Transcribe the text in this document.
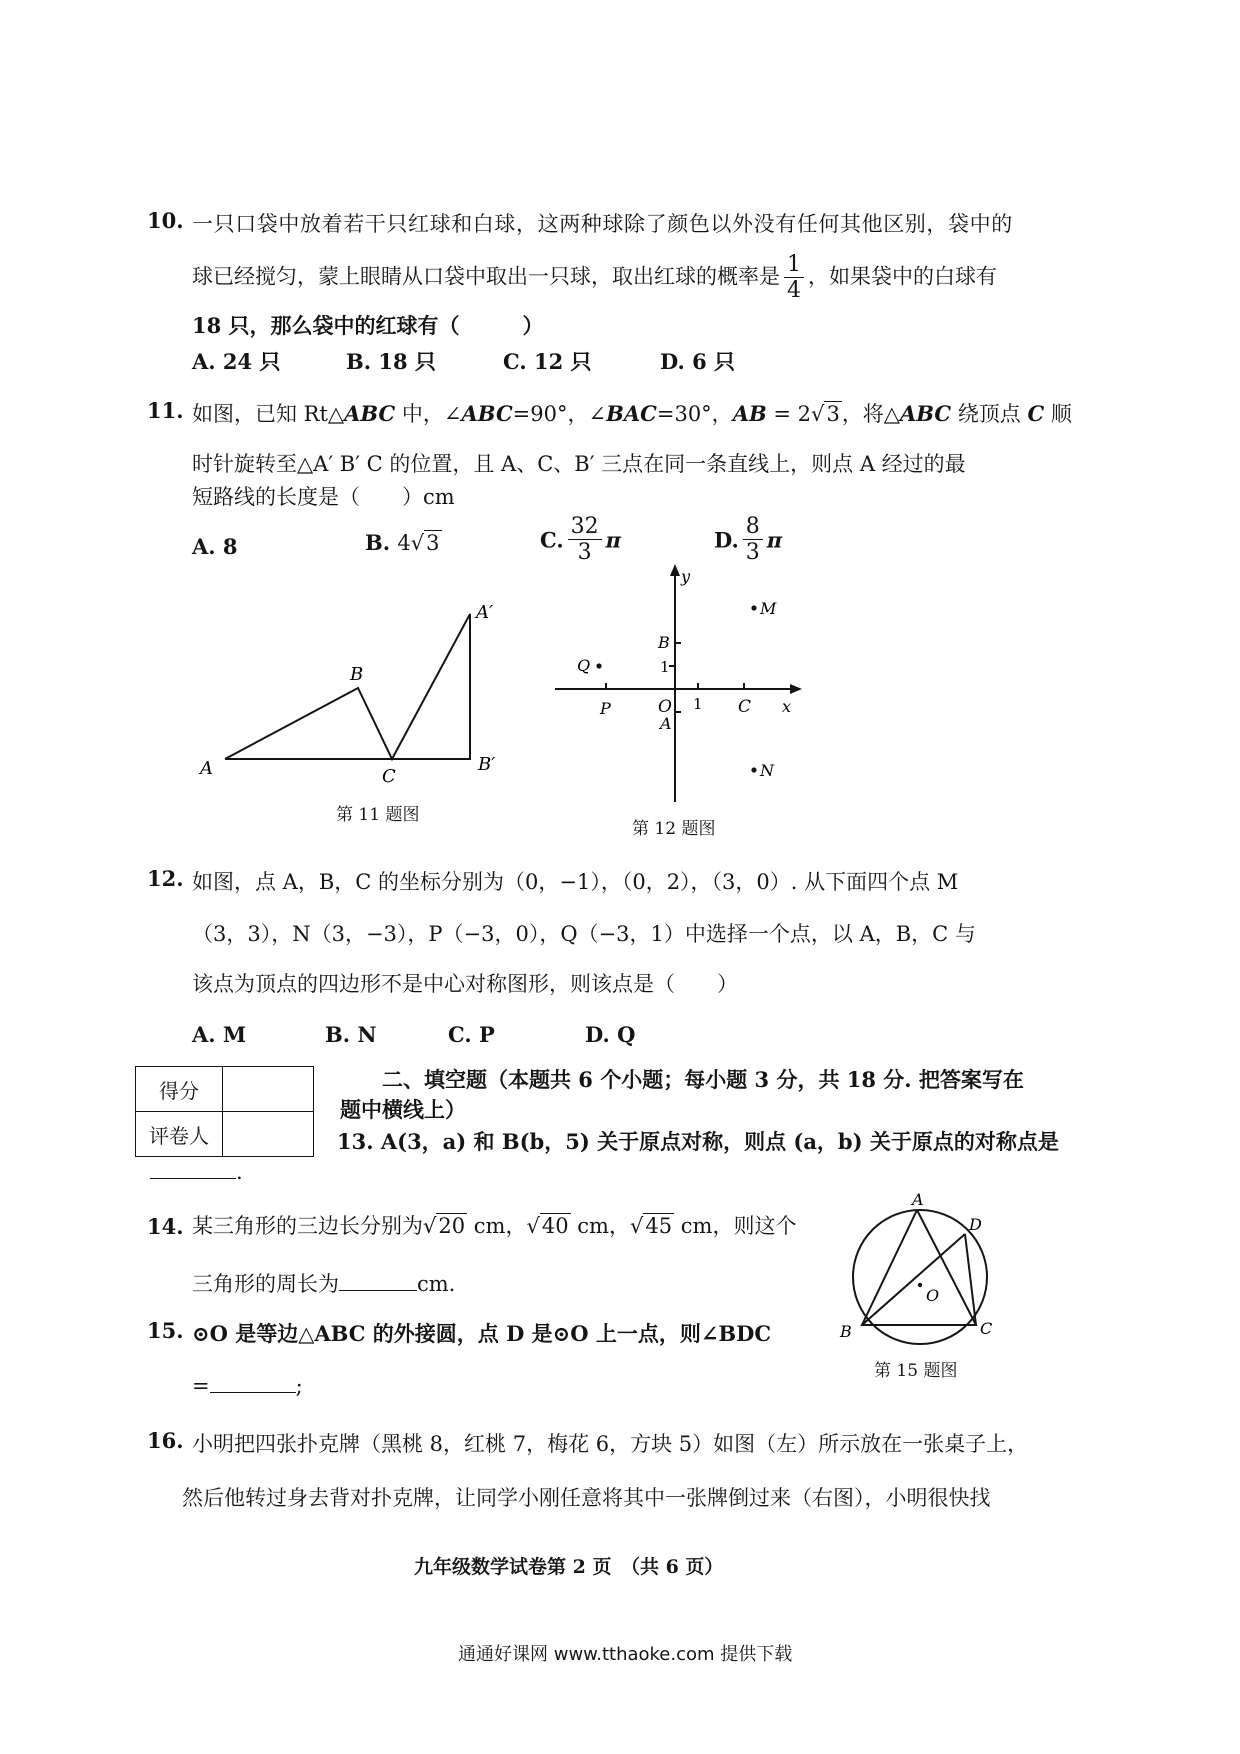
10. 一只口袋中放着若干只红球和白球，这两种球除了颜色以外没有任何其他区别，袋中的
球已经搅匀，蒙上眼睛从口袋中取出一只球，取出红球的概率是 $\frac{1}{4}$ ，如果袋中的白球有
18 只，那么袋中的红球有（　　　）
A. 24 只	B. 18 只	C. 12 只	D. 6 只
11. 如图，已知 Rt△ABC 中，∠ABC=90°，∠BAC=30°，AB = 2√3，将△ABC 绕顶点 C 顺
时针旋转至△A′ B′ C 的位置，且 A、C、B′ 三点在同一条直线上，则点 A 经过的最
短路线的长度是（　　）cm
A. 8	B. 4√3	C. $\frac{32}{3}$ π	D. $\frac{8}{3}$ π
A
B
C
A′
B′
第 11 题图
y
x
O 1
1
B
A
C
P
Q
M
N
第 12 题图
12. 如图，点 A，B，C 的坐标分别为（0，−1），（0，2），（3，0）. 从下面四个点 M
（3，3），N（3，−3），P（−3，0），Q（−3，1）中选择一个点，以 A，B，C 与
该点为顶点的四边形不是中心对称图形，则该点是（　　）
A. M	B. N	C. P	D. Q
得分	
评卷人	
二、填空题（本题共 6 个小题；每小题 3 分，共 18 分. 把答案写在
题中横线上）
13. A(3，a) 和 B(b，5) 关于原点对称，则点 (a，b) 关于原点的对称点是
.
14. 某三角形的三边长分别为√20 cm，√40 cm，√45 cm，则这个
三角形的周长为	cm.
15. ⊙O 是等边△ABC 的外接圆，点 D 是⊙O 上一点，则∠BDC
=	;
A
D
O
B	C
第 15 题图
16. 小明把四张扑克牌（黑桃 8，红桃 7，梅花 6，方块 5）如图（左）所示放在一张桌子上，
然后他转过身去背对扑克牌，让同学小刚任意将其中一张牌倒过来（右图），小明很快找
九年级数学试卷第 2 页　（共 6 页）
通通好课网 www.tthaoke.com 提供下载
